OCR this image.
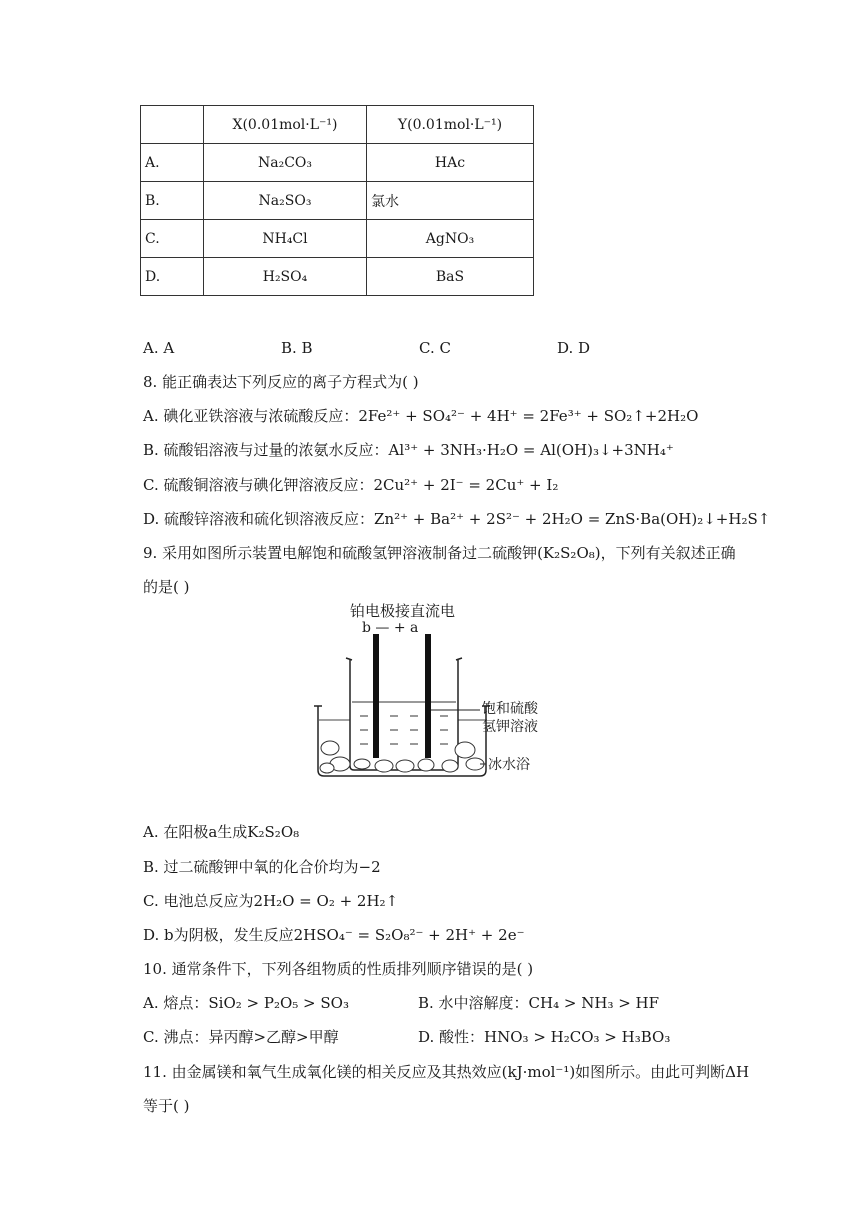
	X(0.01mol·L⁻¹)	Y(0.01mol·L⁻¹)
A.	Na₂CO₃	HAc
B.	Na₂SO₃	氯水
C.	NH₄Cl	AgNO₃
D.	H₂SO₄	BaS
A. A	B. B	C. C	D. D
8. 能正确表达下列反应的离子方程式为( )
A. 碘化亚铁溶液与浓硫酸反应：2Fe²⁺ + SO₄²⁻ + 4H⁺ = 2Fe³⁺ + SO₂↑+2H₂O
B. 硫酸铝溶液与过量的浓氨水反应：Al³⁺ + 3NH₃·H₂O = Al(OH)₃↓+3NH₄⁺
C. 硫酸铜溶液与碘化钾溶液反应：2Cu²⁺ + 2I⁻ = 2Cu⁺ + I₂
D. 硫酸锌溶液和硫化钡溶液反应：Zn²⁺ + Ba²⁺ + 2S²⁻ + 2H₂O = ZnS·Ba(OH)₂↓+H₂S↑
9. 采用如图所示装置电解饱和硫酸氢钾溶液制备过二硫酸钾(K₂S₂O₈)，下列有关叙述正确
的是( )
铂电极接直流电
b — + a
饱和硫酸
氢钾溶液
冰水浴
A. 在阳极a生成K₂S₂O₈
B. 过二硫酸钾中氧的化合价均为−2
C. 电池总反应为2H₂O = O₂ + 2H₂↑
D. b为阴极，发生反应2HSO₄⁻ = S₂O₈²⁻ + 2H⁺ + 2e⁻
10. 通常条件下，下列各组物质的性质排列顺序错误的是( )
A. 熔点：SiO₂ > P₂O₅ > SO₃	B. 水中溶解度：CH₄ > NH₃ > HF
C. 沸点：异丙醇>乙醇>甲醇	D. 酸性：HNO₃ > H₂CO₃ > H₃BO₃
11. 由金属镁和氧气生成氧化镁的相关反应及其热效应(kJ·mol⁻¹)如图所示。由此可判断ΔH
等于( )
